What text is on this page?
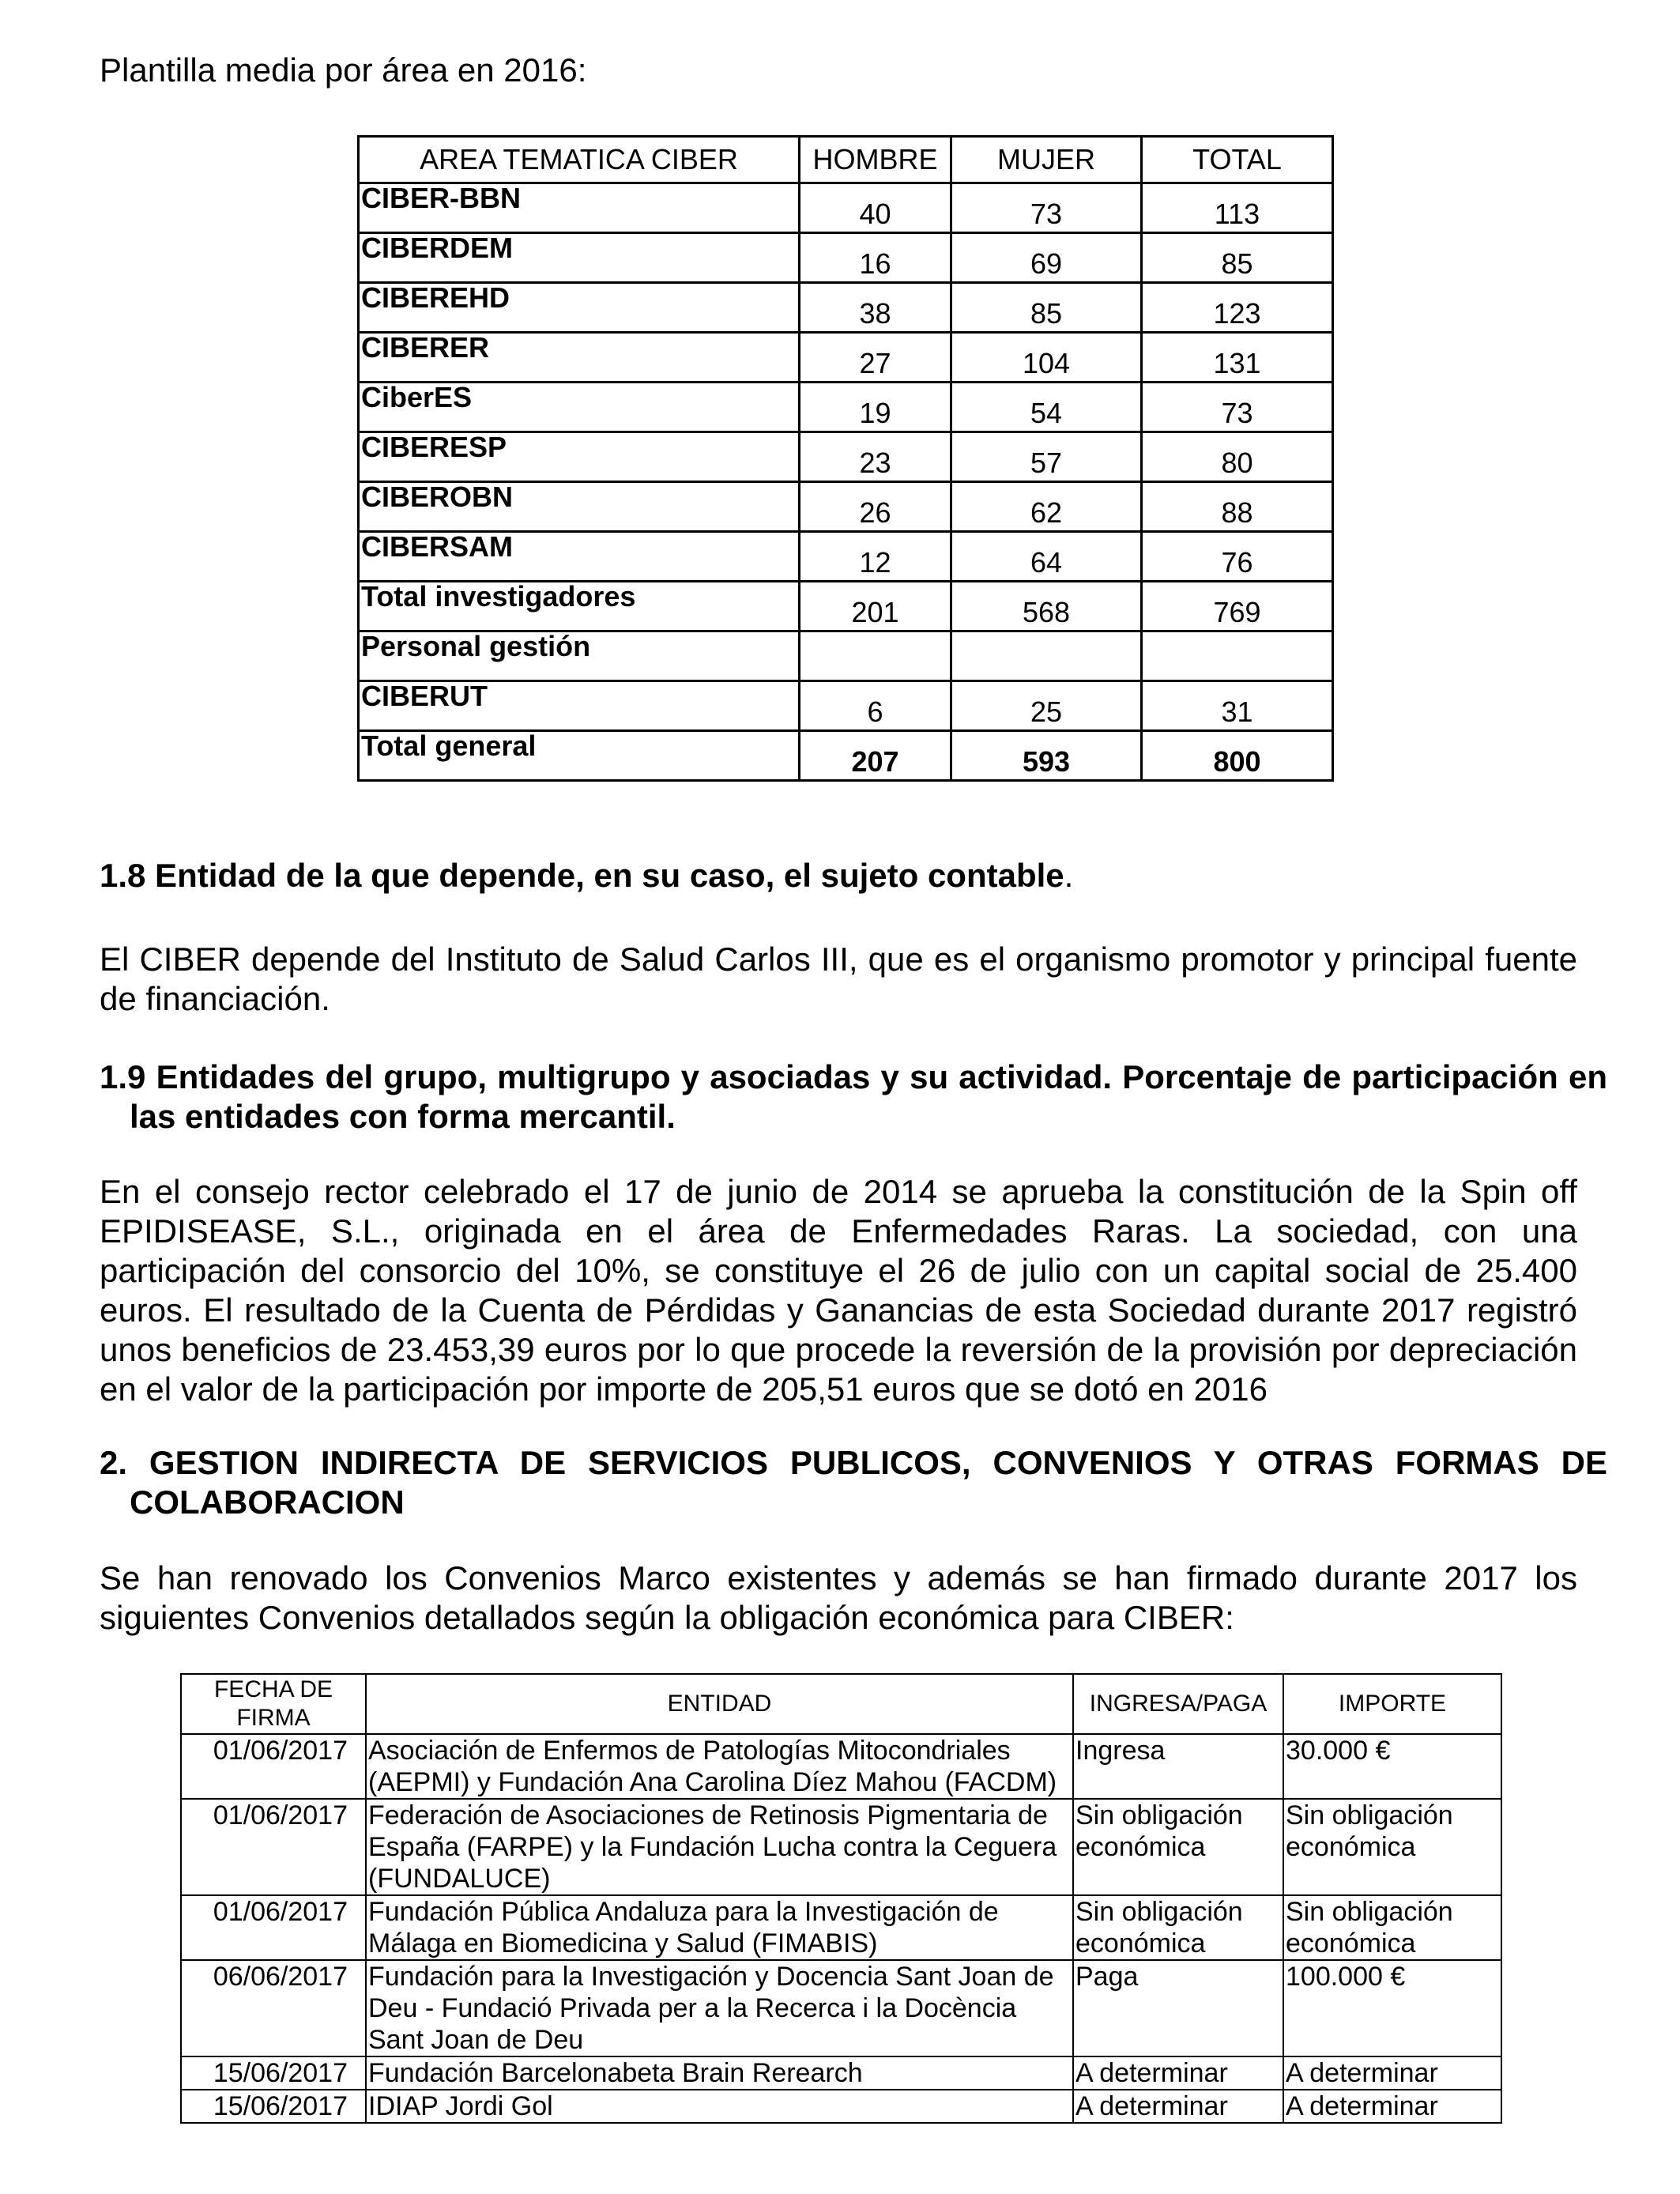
Plantilla media por área en 2016:

AREA TEMATICA CIBER	HOMBRE	MUJER	TOTAL
CIBER-BBN	40	73	113
CIBERDEM	16	69	85
CIBEREHD	38	85	123
CIBERER	27	104	131
CiberES	19	54	73
CIBERESP	23	57	80
CIBEROBN	26	62	88
CIBERSAM	12	64	76
Total investigadores	201	568	769
Personal gestión			
CIBERUT	6	25	31
Total general	207	593	800

1.8 Entidad de la que depende, en su caso, el sujeto contable.

El CIBER depende del Instituto de Salud Carlos III, que es el organismo promotor y principal fuente de financiación.

1.9 Entidades del grupo, multigrupo y asociadas y su actividad. Porcentaje de participación en las entidades con forma mercantil.

En el consejo rector celebrado el 17 de junio de 2014 se aprueba la constitución de la Spin off EPIDISEASE, S.L., originada en el área de Enfermedades Raras. La sociedad, con una participación del consorcio del 10%, se constituye el 26 de julio con un capital social de 25.400 euros. El resultado de la Cuenta de Pérdidas y Ganancias de esta Sociedad durante 2017 registró unos beneficios de 23.453,39 euros por lo que procede la reversión de la provisión por depreciación en el valor de la participación por importe de 205,51 euros que se dotó en 2016

2. GESTION INDIRECTA DE SERVICIOS PUBLICOS, CONVENIOS Y OTRAS FORMAS DE COLABORACION

Se han renovado los Convenios Marco existentes y además se han firmado durante 2017 los siguientes Convenios detallados según la obligación económica para CIBER:

FECHA DE FIRMA	ENTIDAD	INGRESA/PAGA	IMPORTE
01/06/2017	Asociación de Enfermos de Patologías Mitocondriales (AEPMI) y Fundación Ana Carolina Díez Mahou (FACDM)	Ingresa	30.000 €
01/06/2017	Federación de Asociaciones de Retinosis Pigmentaria de España (FARPE) y la Fundación Lucha contra la Ceguera (FUNDALUCE)	Sin obligación económica	Sin obligación económica
01/06/2017	Fundación Pública Andaluza para la Investigación de Málaga en Biomedicina y Salud (FIMABIS)	Sin obligación económica	Sin obligación económica
06/06/2017	Fundación para la Investigación y Docencia Sant Joan de Deu - Fundació Privada per a la Recerca i la Docència Sant Joan de Deu	Paga	100.000 €
15/06/2017	Fundación Barcelonabeta Brain Rerearch	A determinar	A determinar
15/06/2017	IDIAP Jordi Gol	A determinar	A determinar
